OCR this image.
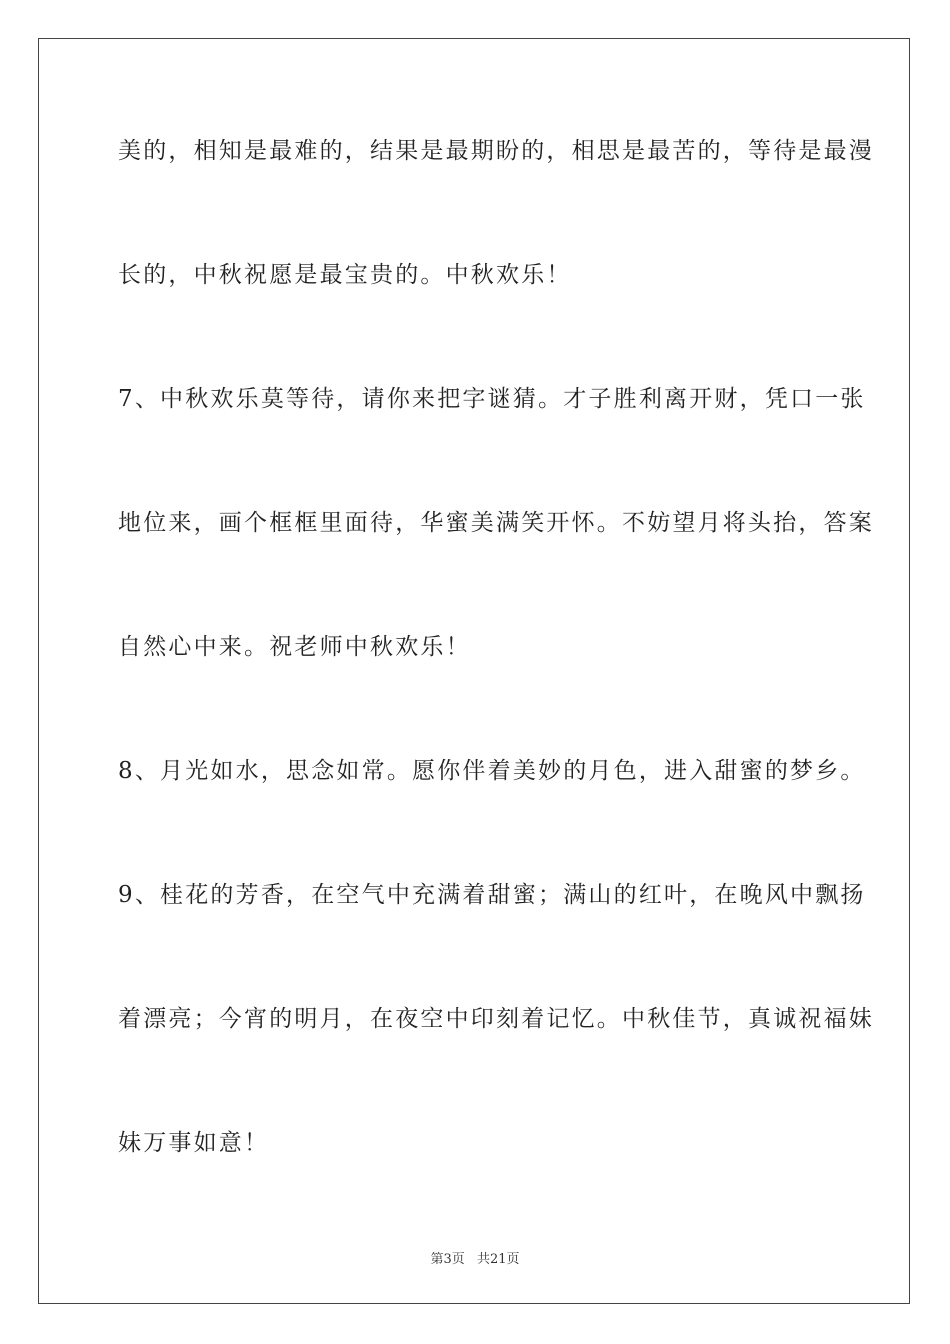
美的，相知是最难的，结果是最期盼的，相思是最苦的，等待是最漫
长的，中秋祝愿是最宝贵的。中秋欢乐！
7、中秋欢乐莫等待，请你来把字谜猜。才子胜利离开财，凭口一张
地位来，画个框框里面待，华蜜美满笑开怀。不妨望月将头抬，答案
自然心中来。祝老师中秋欢乐！
8、月光如水，思念如常。愿你伴着美妙的月色，进入甜蜜的梦乡。
9、桂花的芳香，在空气中充满着甜蜜；满山的红叶，在晚风中飘扬
着漂亮；今宵的明月，在夜空中印刻着记忆。中秋佳节，真诚祝福妹
妹万事如意！
第3页 共21页
